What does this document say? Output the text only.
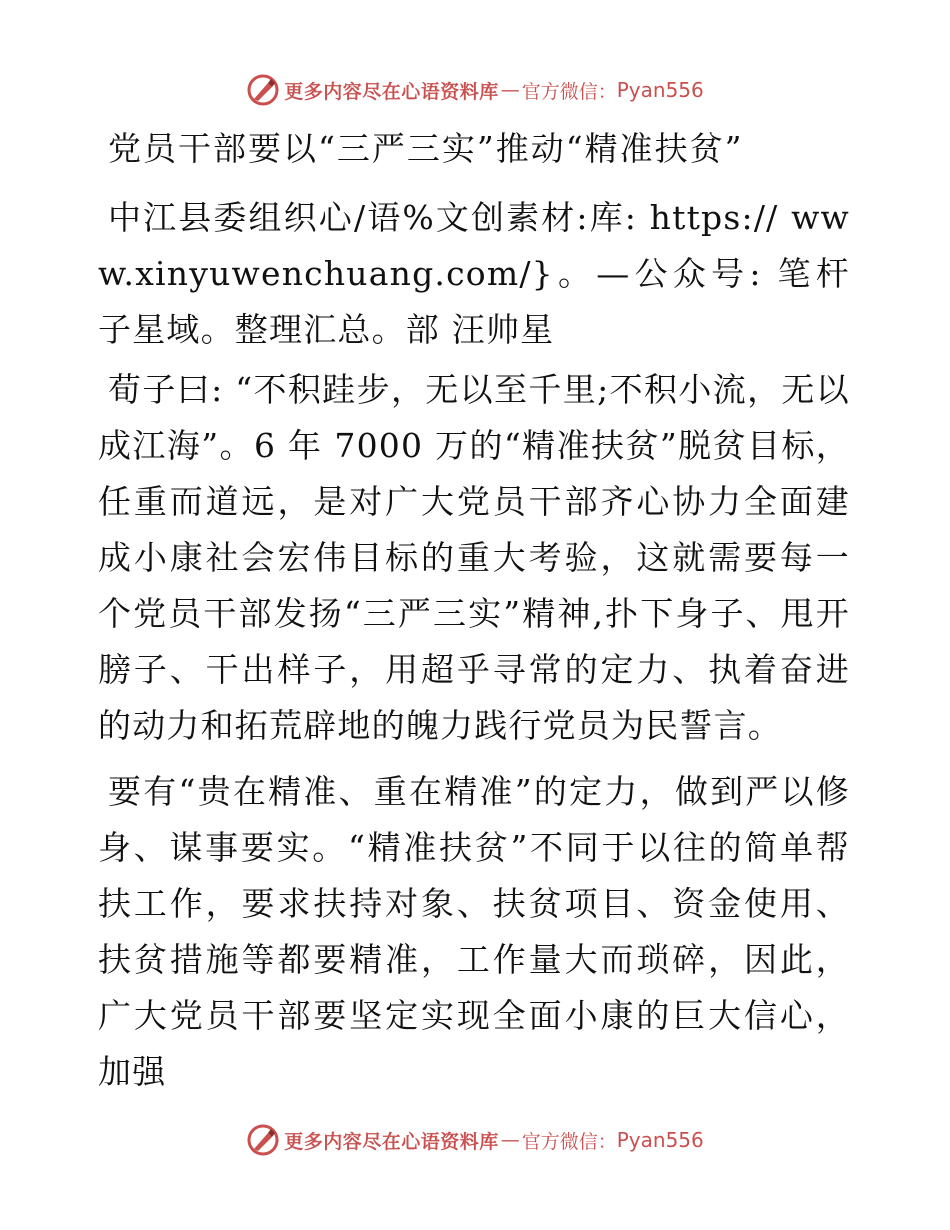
更多内容尽在心语资料库 — 官方微信： Pyan556
党员干部要以“三严三实”推动“精准扶贫”

中江县委组织心/语%文创素材:库: https:// www.xinyuwenchuang.com/}。—公众号: 笔杆子星域。整理汇总。部 汪帅星

荀子曰: “不积跬步，无以至千里;不积小流，无以成江海”。6 年 7000 万的“精准扶贫”脱贫目标，任重而道远，是对广大党员干部齐心协力全面建成小康社会宏伟目标的重大考验，这就需要每一个党员干部发扬“三严三实”精神,扑下身子、甩开膀子、干出样子，用超乎寻常的定力、执着奋进的动力和拓荒辟地的魄力践行党员为民誓言。

要有“贵在精准、重在精准”的定力，做到严以修身、谋事要实。“精准扶贫”不同于以往的简单帮扶工作，要求扶持对象、扶贫项目、资金使用、扶贫措施等都要精准，工作量大而琐碎，因此，广大党员干部要坚定实现全面小康的巨大信心，加强

更多内容尽在心语资料库 — 官方微信： Pyan556
